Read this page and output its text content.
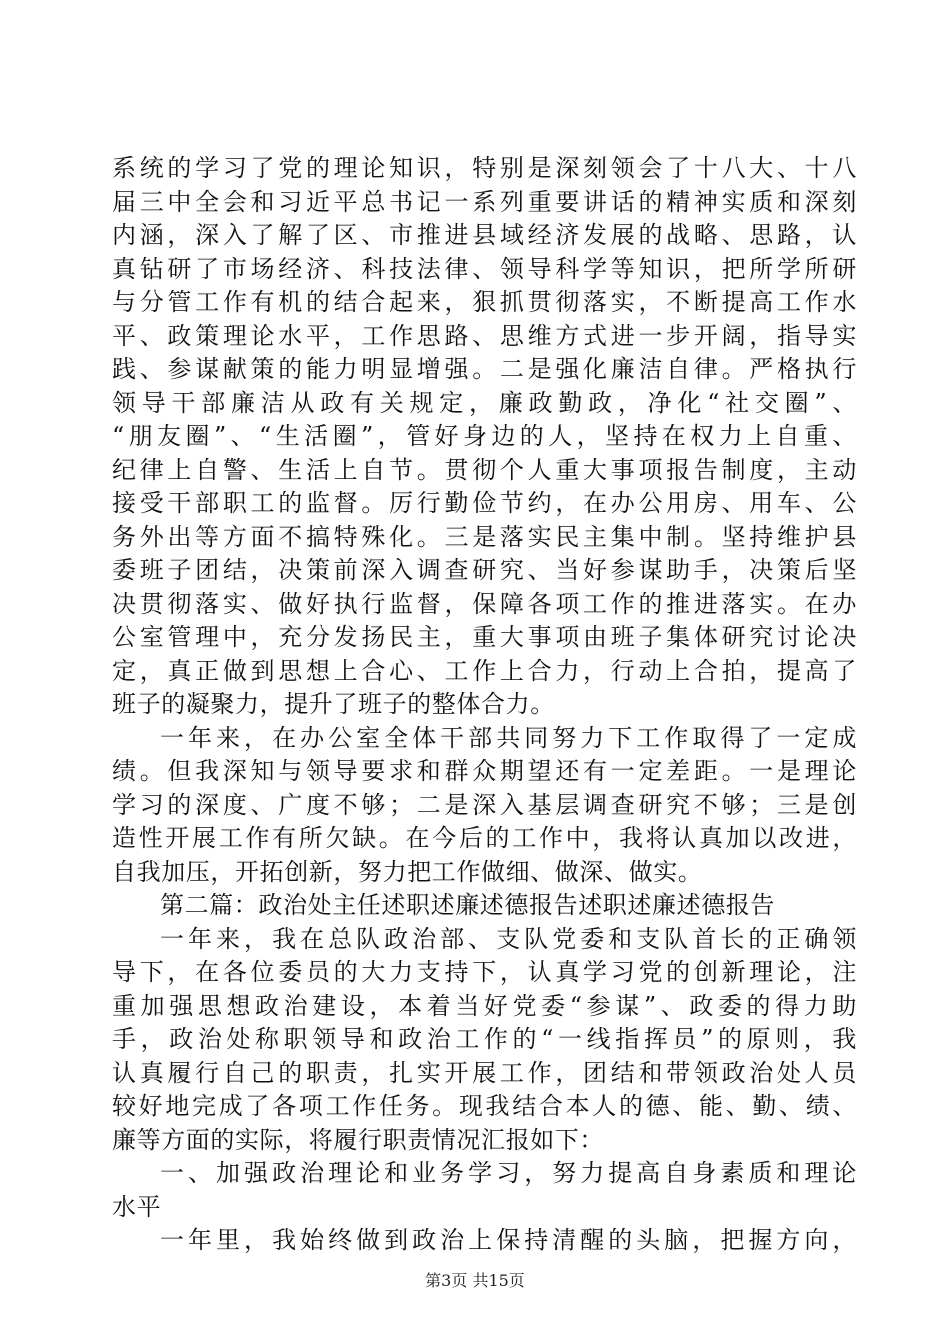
系统的学习了党的理论知识，特别是深刻领会了十八大、十八
届三中全会和习近平总书记一系列重要讲话的精神实质和深刻
内涵，深入了解了区、市推进县域经济发展的战略、思路，认
真钻研了市场经济、科技法律、领导科学等知识，把所学所研
与分管工作有机的结合起来，狠抓贯彻落实，不断提高工作水
平、政策理论水平，工作思路、思维方式进一步开阔，指导实
践、参谋献策的能力明显增强。二是强化廉洁自律。严格执行
领导干部廉洁从政有关规定，廉政勤政，净化“社交圈”、
“朋友圈”、“生活圈”，管好身边的人，坚持在权力上自重、
纪律上自警、生活上自节。贯彻个人重大事项报告制度，主动
接受干部职工的监督。厉行勤俭节约，在办公用房、用车、公
务外出等方面不搞特殊化。三是落实民主集中制。坚持维护县
委班子团结，决策前深入调查研究、当好参谋助手，决策后坚
决贯彻落实、做好执行监督，保障各项工作的推进落实。在办
公室管理中，充分发扬民主，重大事项由班子集体研究讨论决
定，真正做到思想上合心、工作上合力，行动上合拍，提高了
班子的凝聚力，提升了班子的整体合力。
一年来，在办公室全体干部共同努力下工作取得了一定成
绩。但我深知与领导要求和群众期望还有一定差距。一是理论
学习的深度、广度不够；二是深入基层调查研究不够；三是创
造性开展工作有所欠缺。在今后的工作中，我将认真加以改进，
自我加压，开拓创新，努力把工作做细、做深、做实。
第二篇：政治处主任述职述廉述德报告述职述廉述德报告
一年来，我在总队政治部、支队党委和支队首长的正确领
导下，在各位委员的大力支持下，认真学习党的创新理论，注
重加强思想政治建设，本着当好党委“参谋”、政委的得力助
手，政治处称职领导和政治工作的“一线指挥员”的原则，我
认真履行自己的职责，扎实开展工作，团结和带领政治处人员
较好地完成了各项工作任务。现我结合本人的德、能、勤、绩、
廉等方面的实际，将履行职责情况汇报如下：
一、加强政治理论和业务学习，努力提高自身素质和理论
水平
一年里，我始终做到政治上保持清醒的头脑，把握方向，
第3页 共15页
